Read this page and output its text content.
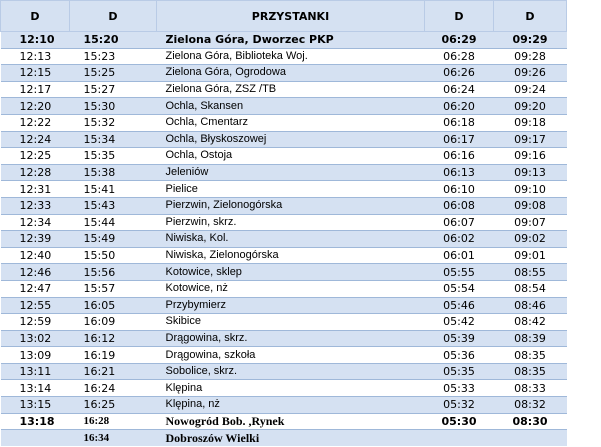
D	D	PRZYSTANKI	D	D
12:10	15:20	Zielona Góra, Dworzec PKP	06:29	09:29
12:13	15:23	Zielona Góra, Biblioteka Woj.	06:28	09:28
12:15	15:25	Zielona Góra, Ogrodowa	06:26	09:26
12:17	15:27	Zielona Góra, ZSZ /TB	06:24	09:24
12:20	15:30	Ochla, Skansen	06:20	09:20
12:22	15:32	Ochla, Cmentarz	06:18	09:18
12:24	15:34	Ochla, Błyskoszowej	06:17	09:17
12:25	15:35	Ochla, Ostoja	06:16	09:16
12:28	15:38	Jeleniów	06:13	09:13
12:31	15:41	Pielice	06:10	09:10
12:33	15:43	Pierzwin, Zielonogórska	06:08	09:08
12:34	15:44	Pierzwin, skrz.	06:07	09:07
12:39	15:49	Niwiska, Kol.	06:02	09:02
12:40	15:50	Niwiska, Zielonogórska	06:01	09:01
12:46	15:56	Kotowice, sklep	05:55	08:55
12:47	15:57	Kotowice, nż	05:54	08:54
12:55	16:05	Przybymierz	05:46	08:46
12:59	16:09	Skibice	05:42	08:42
13:02	16:12	Drągowina, skrz.	05:39	08:39
13:09	16:19	Drągowina, szkoła	05:36	08:35
13:11	16:21	Sobolice, skrz.	05:35	08:35
13:14	16:24	Klępina	05:33	08:33
13:15	16:25	Klępina, nż	05:32	08:32
13:18	16:28	Nowogród Bob. ,Rynek	05:30	08:30
	16:34	Dobroszów Wielki		
